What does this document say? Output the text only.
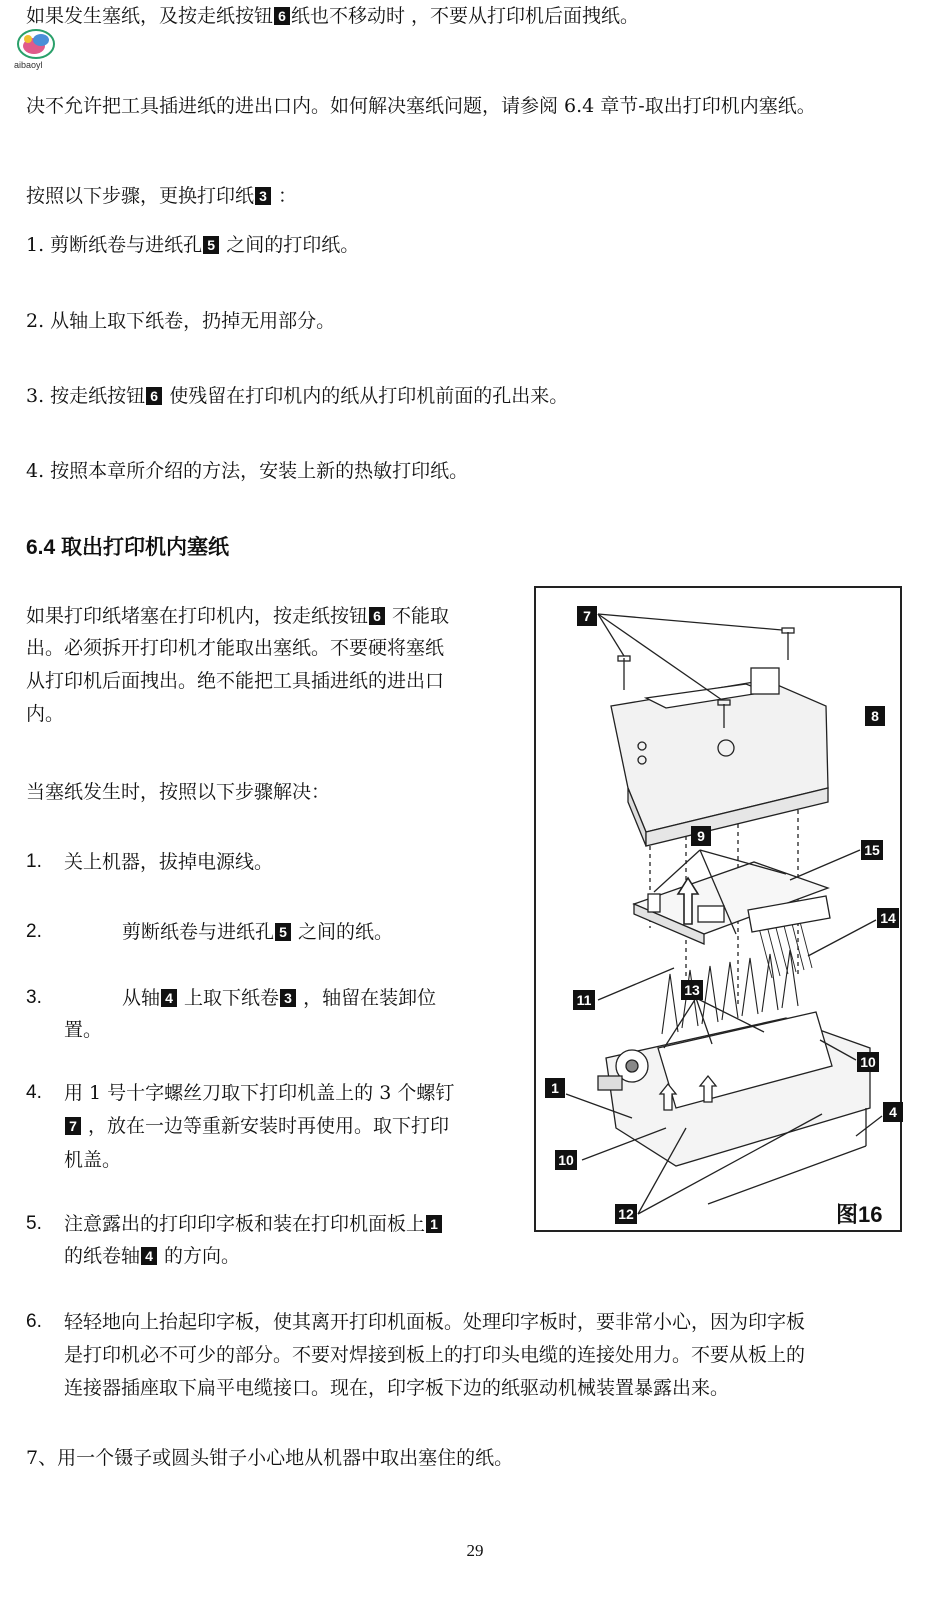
aibaoyl
如果发生塞纸，及按走纸按钮 6 纸也不移动时 ，不要从打印机后面拽纸。
决不允许把工具插进纸的进出口内。如何解决塞纸问题，请参阅 6.4 章节-取出打印机内塞纸。
按照以下步骤，更换打印纸 3 ：
1. 剪断纸卷与进纸孔 5 之间的打印纸。
2. 从轴上取下纸卷，扔掉无用部分。
3. 按走纸按钮 6 使残留在打印机内的纸从打印机前面的孔出来。
4. 按照本章所介绍的方法，安装上新的热敏打印纸。
6.4 取出打印机内塞纸
如果打印纸堵塞在打印机内，按走纸按钮 6 不能取
出。必须拆开打印机才能取出塞纸。不要硬将塞纸
从打印机后面拽出。绝不能把工具插进纸的进出口
内。
当塞纸发生时，按照以下步骤解决：
1. 关上机器，拔掉电源线。
2.	剪断纸卷与进纸孔 5 之间的纸。
3.	从轴 4 上取下纸卷 3 ，轴留在装卸位
置。
4. 用 1 号十字螺丝刀取下打印机盖上的 3 个螺钉
7 ，放在一边等重新安装时再使用。取下打印
机盖。
5. 注意露出的打印印字板和装在打印机面板上 1
的纸卷轴 4 的方向。
6. 轻轻地向上抬起印字板，使其离开打印机面板。处理印字板时，要非常小心，因为印字板
是打印机必不可少的部分。不要对焊接到板上的打印头电缆的连接处用力。不要从板上的
连接器插座取下扁平电缆接口。现在，印字板下边的纸驱动机械装置暴露出来。
7、用一个镊子或圆头钳子小心地从机器中取出塞住的纸。
7
8
9
15
14
11
13
10
1
4
10
12	图16
29
